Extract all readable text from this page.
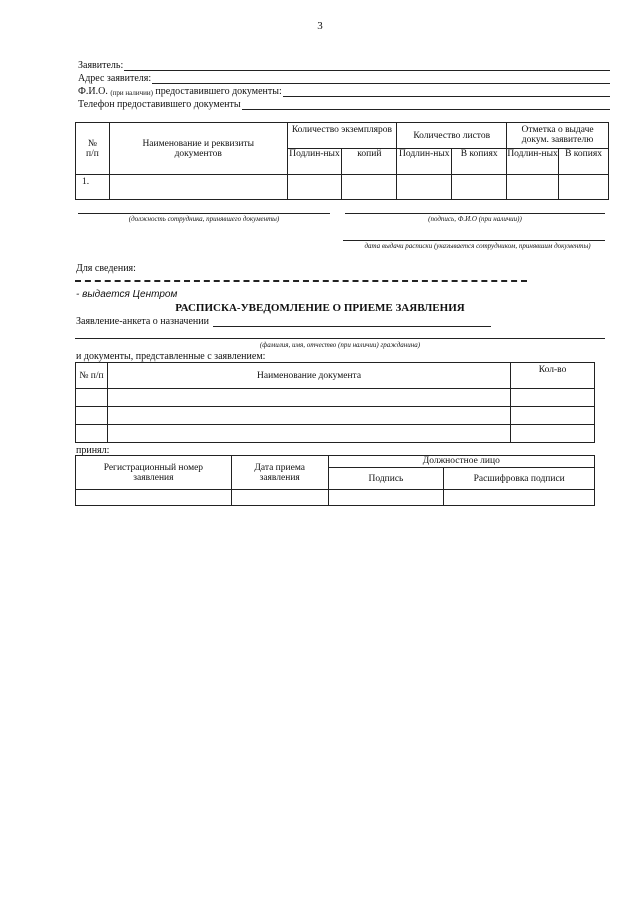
3
Заявитель:
Адрес заявителя:
Ф.И.О.
(при наличии)
предоставившего документы:
Телефон предоставившего документы
№
п/п	Наименование и реквизиты документов	Количество экземпляров		Количество листов		Отметка о выдаче докум. заявителю	
		Подлин-ных	копий	Подлин-ных	В копиях	Подлин-ных	В копиях
1.							
(должность сотрудника, принявшего документы)	(подпись, Ф.И.О (при наличии))
дата выдачи расписки (указывается сотрудником, принявшим документы)
Для сведения:
- выдается Центром
РАСПИСКА-УВЕДОМЛЕНИЕ О ПРИЕМЕ ЗАЯВЛЕНИЯ
Заявление-анкета о назначении
(фамилия, имя, отчество (при наличии) гражданина)
и документы, представленные с заявлением:
№ п/п	Наименование документа	Кол-во

принял:
Регистрационный номер заявления	Дата приема заявления	Должностное лицо	
		Подпись	Расшифровка подписи
